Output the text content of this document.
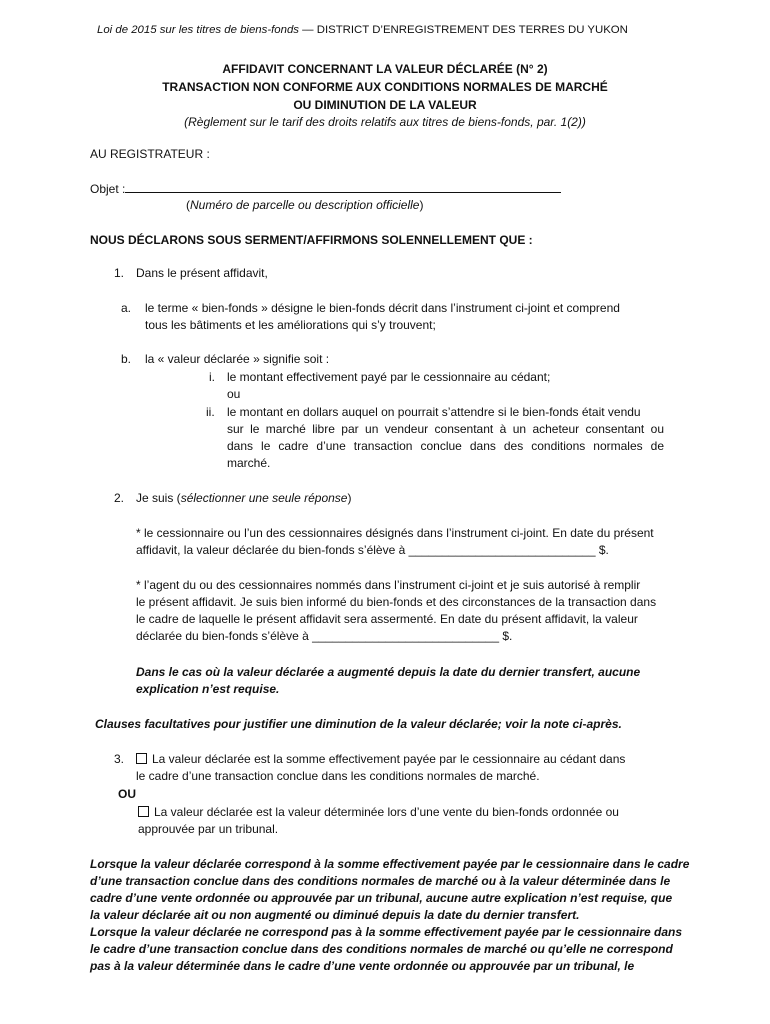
Loi de 2015 sur les titres de biens-fonds — DISTRICT D’ENREGISTREMENT DES TERRES DU YUKON
AFFIDAVIT CONCERNANT LA VALEUR DÉCLARÉE (N° 2)
TRANSACTION NON CONFORME AUX CONDITIONS NORMALES DE MARCHÉ
OU DIMINUTION DE LA VALEUR
(Règlement sur le tarif des droits relatifs aux titres de biens-fonds, par. 1(2))
AU REGISTRATEUR :
Objet :
(Numéro de parcelle ou description officielle)
NOUS DÉCLARONS SOUS SERMENT/AFFIRMONS SOLENNELLEMENT QUE :
1. Dans le présent affidavit,
a. le terme « bien-fonds » désigne le bien-fonds décrit dans l’instrument ci-joint et comprend
tous les bâtiments et les améliorations qui s’y trouvent;
b. la « valeur déclarée » signifie soit :
i. le montant effectivement payé par le cessionnaire au cédant;
ou
ii. le montant en dollars auquel on pourrait s’attendre si le bien-fonds était vendu
sur le marché libre par un vendeur consentant à un acheteur consentant ou
dans le cadre d’une transaction conclue dans des conditions normales de
marché.
2. Je suis (sélectionner une seule réponse)
* le cessionnaire ou l’un des cessionnaires désignés dans l’instrument ci-joint. En date du présent
affidavit, la valeur déclarée du bien-fonds s’élève à ____________________________ $.
* l’agent du ou des cessionnaires nommés dans l’instrument ci-joint et je suis autorisé à remplir
le présent affidavit. Je suis bien informé du bien-fonds et des circonstances de la transaction dans
le cadre de laquelle le présent affidavit sera assermenté. En date du présent affidavit, la valeur
déclarée du bien-fonds s’élève à ____________________________ $.
Dans le cas où la valeur déclarée a augmenté depuis la date du dernier transfert, aucune
explication n’est requise.
Clauses facultatives pour justifier une diminution de la valeur déclarée; voir la note ci-après.
3.	La valeur déclarée est la somme effectivement payée par le cessionnaire au cédant dans
le cadre d’une transaction conclue dans les conditions normales de marché.
OU
La valeur déclarée est la valeur déterminée lors d’une vente du bien-fonds ordonnée ou
approuvée par un tribunal.
Lorsque la valeur déclarée correspond à la somme effectivement payée par le cessionnaire dans le cadre
d’une transaction conclue dans des conditions normales de marché ou à la valeur déterminée dans le
cadre d’une vente ordonnée ou approuvée par un tribunal, aucune autre explication n’est requise, que
la valeur déclarée ait ou non augmenté ou diminué depuis la date du dernier transfert.
Lorsque la valeur déclarée ne correspond pas à la somme effectivement payée par le cessionnaire dans
le cadre d’une transaction conclue dans des conditions normales de marché ou qu’elle ne correspond
pas à la valeur déterminée dans le cadre d’une vente ordonnée ou approuvée par un tribunal, le
